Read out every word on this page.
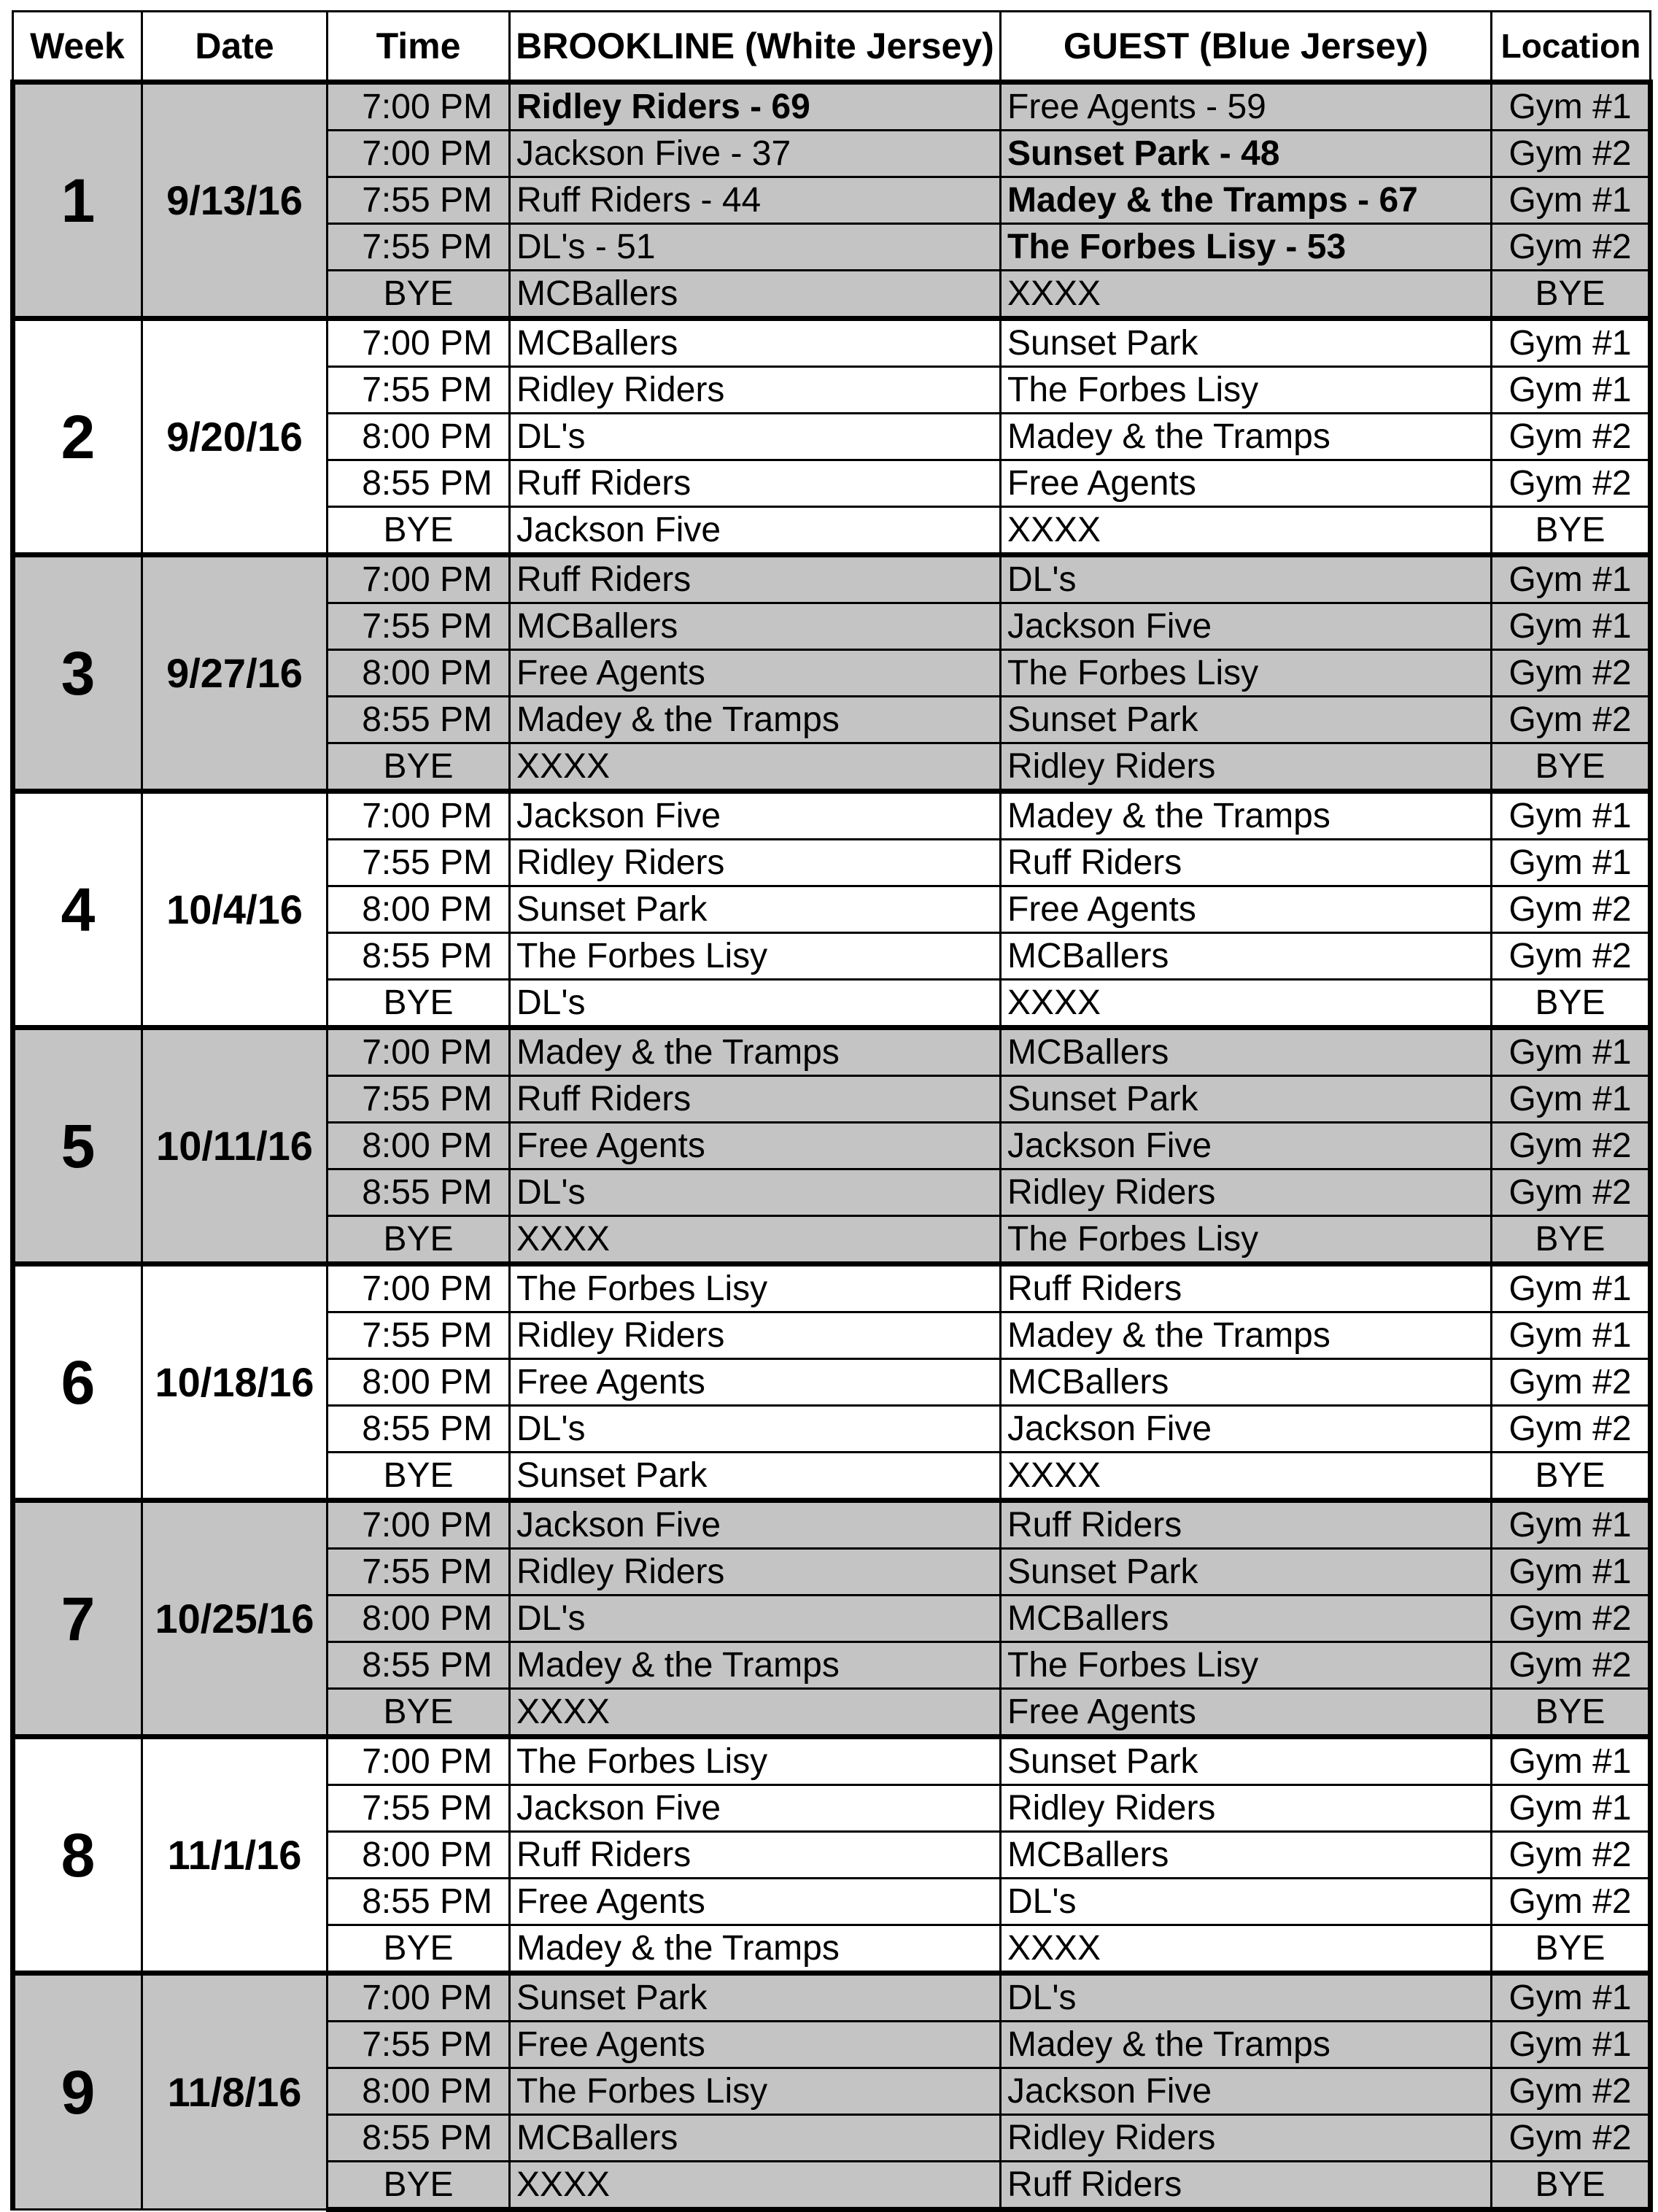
Week	Date	Time	BROOKLINE (White Jersey)	GUEST (Blue Jersey)	Location
1	9/13/16	7:00 PM	Ridley Riders - 69	Free Agents - 59	Gym #1
		7:00 PM	Jackson Five - 37	Sunset Park - 48	Gym #2
		7:55 PM	Ruff Riders - 44	Madey & the Tramps - 67	Gym #1
		7:55 PM	DL's - 51	The Forbes Lisy - 53	Gym #2
		BYE	MCBallers	XXXX	BYE
2	9/20/16	7:00 PM	MCBallers	Sunset Park	Gym #1
		7:55 PM	Ridley Riders	The Forbes Lisy	Gym #1
		8:00 PM	DL's	Madey & the Tramps	Gym #2
		8:55 PM	Ruff Riders	Free Agents	Gym #2
		BYE	Jackson Five	XXXX	BYE
3	9/27/16	7:00 PM	Ruff Riders	DL's	Gym #1
		7:55 PM	MCBallers	Jackson Five	Gym #1
		8:00 PM	Free Agents	The Forbes Lisy	Gym #2
		8:55 PM	Madey & the Tramps	Sunset Park	Gym #2
		BYE	XXXX	Ridley Riders	BYE
4	10/4/16	7:00 PM	Jackson Five	Madey & the Tramps	Gym #1
		7:55 PM	Ridley Riders	Ruff Riders	Gym #1
		8:00 PM	Sunset Park	Free Agents	Gym #2
		8:55 PM	The Forbes Lisy	MCBallers	Gym #2
		BYE	DL's	XXXX	BYE
5	10/11/16	7:00 PM	Madey & the Tramps	MCBallers	Gym #1
		7:55 PM	Ruff Riders	Sunset Park	Gym #1
		8:00 PM	Free Agents	Jackson Five	Gym #2
		8:55 PM	DL's	Ridley Riders	Gym #2
		BYE	XXXX	The Forbes Lisy	BYE
6	10/18/16	7:00 PM	The Forbes Lisy	Ruff Riders	Gym #1
		7:55 PM	Ridley Riders	Madey & the Tramps	Gym #1
		8:00 PM	Free Agents	MCBallers	Gym #2
		8:55 PM	DL's	Jackson Five	Gym #2
		BYE	Sunset Park	XXXX	BYE
7	10/25/16	7:00 PM	Jackson Five	Ruff Riders	Gym #1
		7:55 PM	Ridley Riders	Sunset Park	Gym #1
		8:00 PM	DL's	MCBallers	Gym #2
		8:55 PM	Madey & the Tramps	The Forbes Lisy	Gym #2
		BYE	XXXX	Free Agents	BYE
8	11/1/16	7:00 PM	The Forbes Lisy	Sunset Park	Gym #1
		7:55 PM	Jackson Five	Ridley Riders	Gym #1
		8:00 PM	Ruff Riders	MCBallers	Gym #2
		8:55 PM	Free Agents	DL's	Gym #2
		BYE	Madey & the Tramps	XXXX	BYE
9	11/8/16	7:00 PM	Sunset Park	DL's	Gym #1
		7:55 PM	Free Agents	Madey & the Tramps	Gym #1
		8:00 PM	The Forbes Lisy	Jackson Five	Gym #2
		8:55 PM	MCBallers	Ridley Riders	Gym #2
		BYE	XXXX	Ruff Riders	BYE
